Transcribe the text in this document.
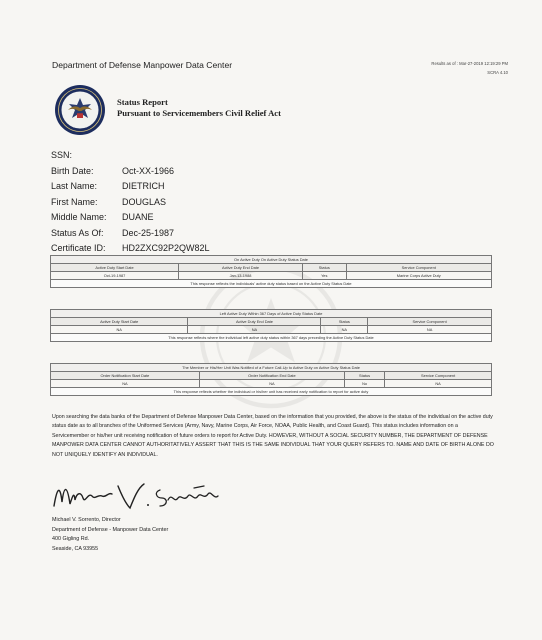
Department of Defense Manpower Data Center	Results as of : Mar-27-2019 12:19:29 PM
SCRA 4.10
Status Report
Pursuant to Servicemembers Civil Relief Act
SSN:
Birth Date:	Oct-XX-1966
Last Name:	DIETRICH
First Name:	DOUGLAS
Middle Name:	DUANE
Status As Of:	Dec-25-1987
Certificate ID:	HD2ZXC92P2QW82L
On Active Duty On Active Duty Status Date			
Active Duty Start Date	Active Duty End Date	Status	Service Component
Oct-19-1987	Jan-13-1988	Yes	Marine Corps Active Duty
This response reflects the individuals' active duty status based on the Active Duty Status Date			
Left Active Duty Within 367 Days of Active Duty Status Date			
Active Duty Start Date	Active Duty End Date	Status	Service Component
NA	NA	NA	NA
This response reflects where the individual left active duty status within 367 days preceding the Active Duty Status Date			
The Member or His/Her Unit Was Notified of a Future Call-Up to Active Duty on Active Duty Status Date			
Order Notification Start Date	Order Notification End Date	Status	Service Component
NA	NA	No	NA
This response reflects whether the individual or his/her unit has received early notification to report for active duty			
Upon searching the data banks of the Department of Defense Manpower Data Center, based on the information that you provided, the above is the status of the individual on the active duty status date as to all branches of the Uniformed Services (Army, Navy, Marine Corps, Air Force, NOAA, Public Health, and Coast Guard). This status includes information on a Servicemember or his/her unit receiving notification of future orders to report for Active Duty. HOWEVER, WITHOUT A SOCIAL SECURITY NUMBER, THE DEPARTMENT OF DEFENSE MANPOWER DATA CENTER CANNOT AUTHORITATIVELY ASSERT THAT THIS IS THE SAME INDIVIDUAL THAT YOUR QUERY REFERS TO. NAME AND DATE OF BIRTH ALONE DO NOT UNIQUELY IDENTIFY AN INDIVIDUAL.
Michael V. Sorrento, Director
Department of Defense - Manpower Data Center
400 Gigling Rd.
Seaside, CA 93955
